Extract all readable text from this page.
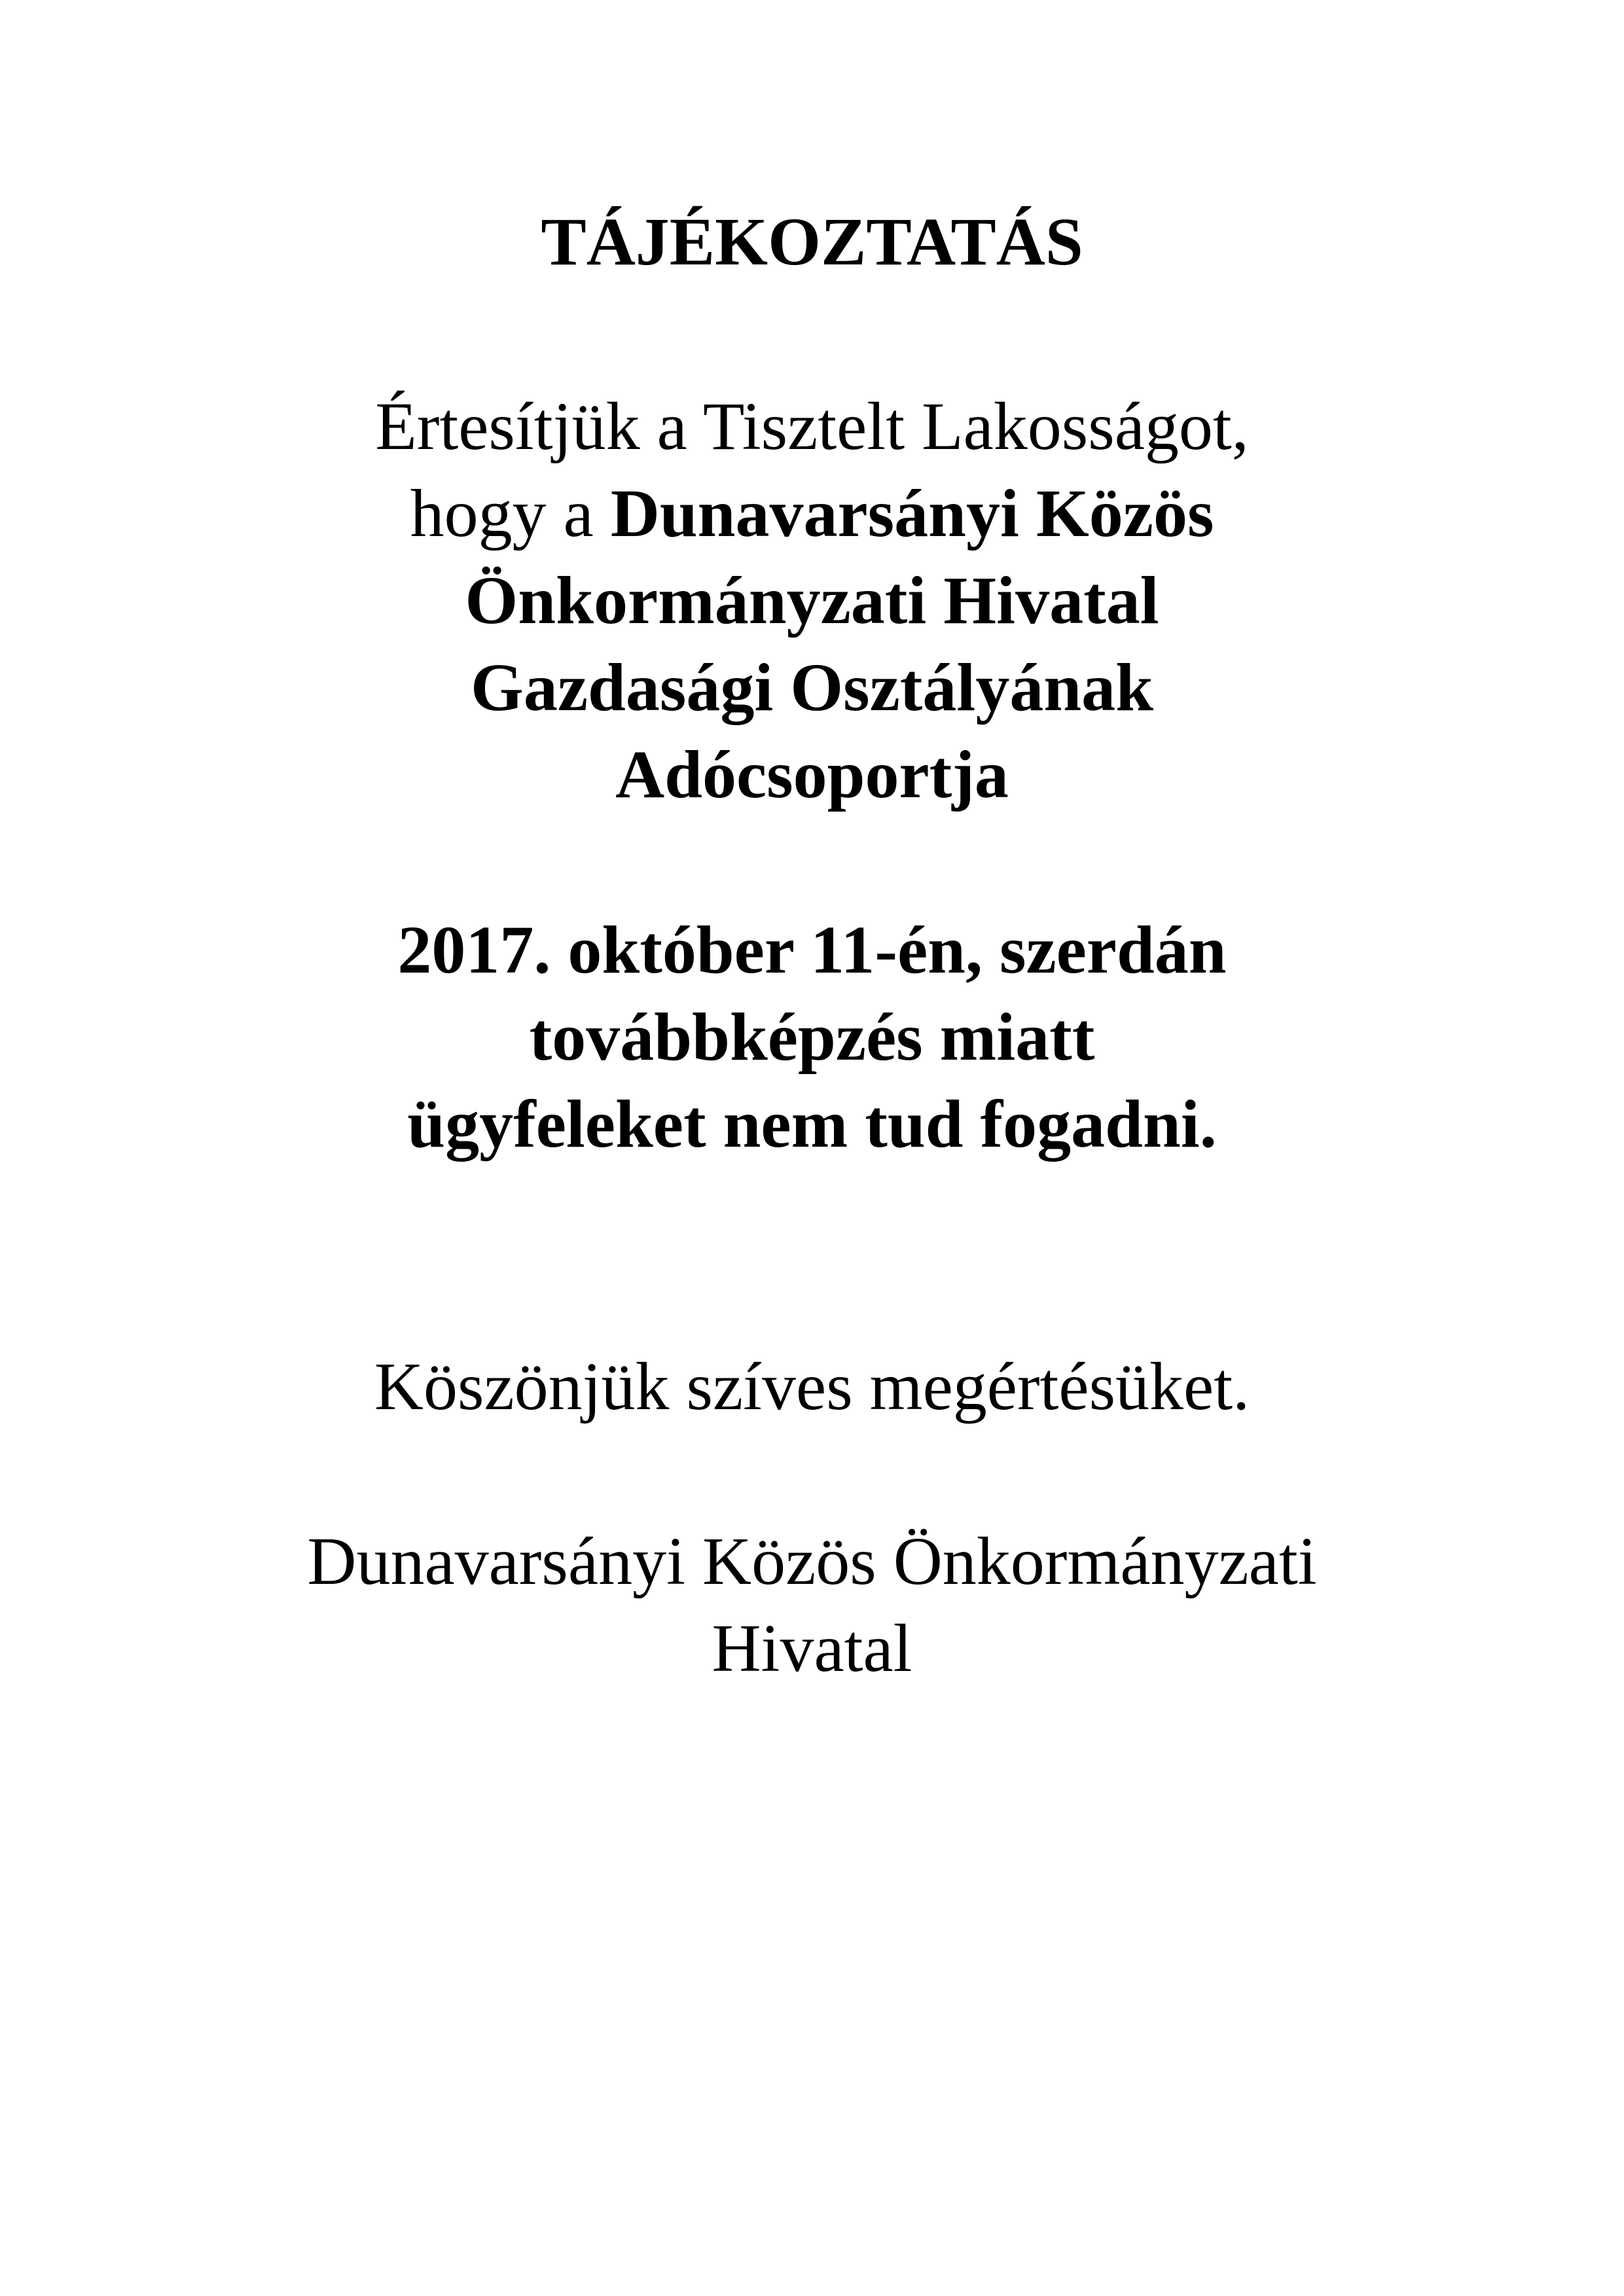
TÁJÉKOZTATÁS
Értesítjük a Tisztelt Lakosságot,
hogy a Dunavarsányi Közös
Önkormányzati Hivatal
Gazdasági Osztályának
Adócsoportja
2017. október 11-én, szerdán
továbbképzés miatt
ügyfeleket nem tud fogadni.
Köszönjük szíves megértésüket.
Dunavarsányi Közös Önkormányzati
Hivatal
